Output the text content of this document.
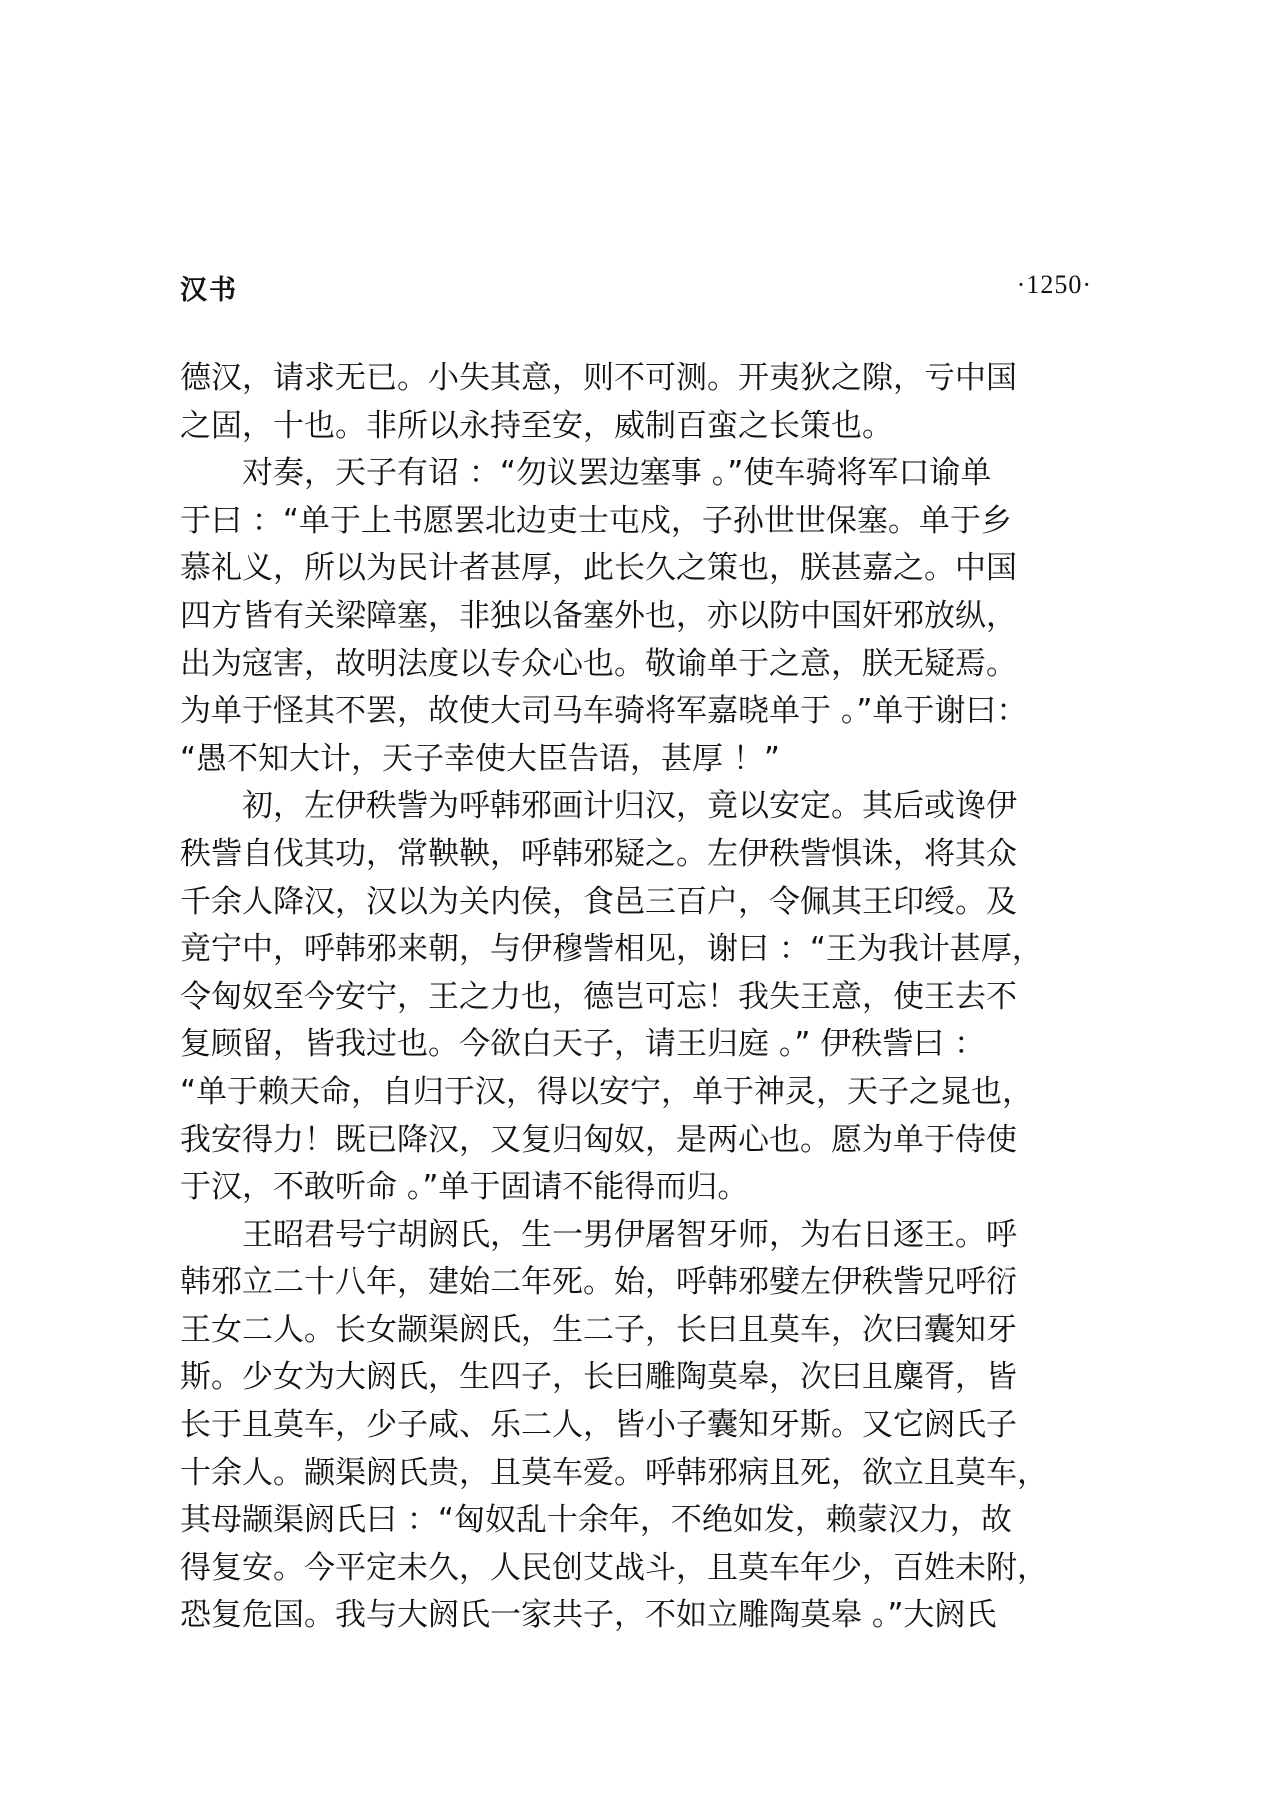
汉书	·1250·
德汉，请求无已。小失其意，则不可测。开夷狄之隙，亏中国
之固，十也。非所以永持至安，威制百蛮之长策也。
对奏，天子有诏 ：“勿议罢边塞事 。”使车骑将军口谕单
于曰 ：“单于上书愿罢北边吏士屯戍，子孙世世保塞。单于乡
慕礼义，所以为民计者甚厚，此长久之策也，朕甚嘉之。中国
四方皆有关梁障塞，非独以备塞外也，亦以防中国奸邪放纵，
出为寇害，故明法度以专众心也。敬谕单于之意，朕无疑焉。
为单于怪其不罢，故使大司马车骑将军嘉晓单于 。”单于谢曰：
“愚不知大计，天子幸使大臣告语，甚厚 ！”
初，左伊秩訾为呼韩邪画计归汉，竟以安定。其后或谗伊
秩訾自伐其功，常鞅鞅，呼韩邪疑之。左伊秩訾惧诛，将其众
千余人降汉，汉以为关内侯，食邑三百户，令佩其王印绶。及
竟宁中，呼韩邪来朝，与伊穆訾相见，谢曰 ：“王为我计甚厚，
令匈奴至今安宁，王之力也，德岂可忘！我失王意，使王去不
复顾留，皆我过也。今欲白天子，请王归庭 。” 伊秩訾曰 ：
“单于赖天命，自归于汉，得以安宁，单于神灵，天子之晁也，
我安得力！既已降汉，又复归匈奴，是两心也。愿为单于侍使
于汉，不敢听命 。”单于固请不能得而归。
王昭君号宁胡阏氏，生一男伊屠智牙师，为右日逐王。呼
韩邪立二十八年，建始二年死。始，呼韩邪嬖左伊秩訾兄呼衍
王女二人。长女颛渠阏氏，生二子，长曰且莫车，次曰囊知牙
斯。少女为大阏氏，生四子，长曰雕陶莫皋，次曰且麋胥，皆
长于且莫车，少子咸、乐二人，皆小子囊知牙斯。又它阏氏子
十余人。颛渠阏氏贵，且莫车爱。呼韩邪病且死，欲立且莫车，
其母颛渠阏氏曰 ：“匈奴乱十余年，不绝如发，赖蒙汉力，故
得复安。今平定未久，人民创艾战斗，且莫车年少，百姓未附，
恐复危国。我与大阏氏一家共子，不如立雕陶莫皋 。”大阏氏
